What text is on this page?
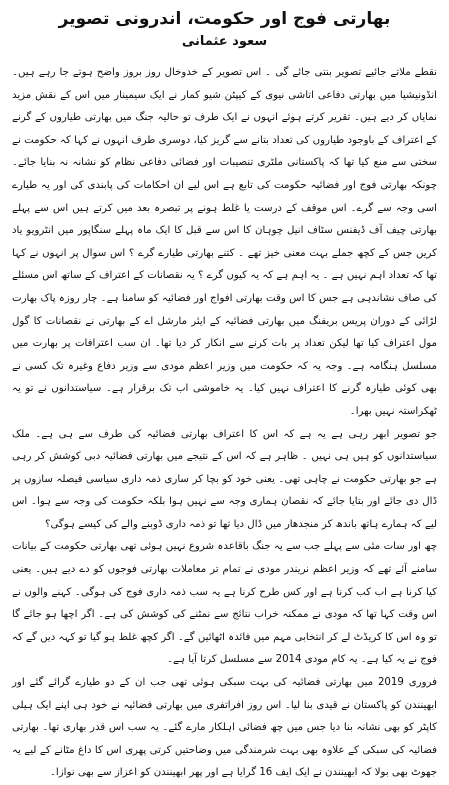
بھارتی فوج اور حکومت، اندرونی تصویر
سعود عثمانی

نقطے ملاتے جائیے تصویر بنتی جائے گی ۔ اس تصویر کے خدوخال روز بروز واضح ہوتے جا رہے ہیں۔ انڈونیشیا میں بھارتی دفاعی اتاشی نیوی کے کیپٹن شیو کمار نے ایک سیمینار میں اس کے نقش مزید نمایاں کر دیے ہیں۔ تقریر کرتے ہوئے انہوں نے ایک طرف تو حالیہ جنگ میں بھارتی طیاروں کے گرنے کے اعتراف کے باوجود طیاروں کی تعداد بتانے سے گریز کیا، دوسری طرف انہوں نے کہا کہ حکومت نے سختی سے منع کیا تھا کہ پاکستانی ملٹری تنصیبات اور فضائی دفاعی نظام کو نشانہ نہ بنایا جائے۔ چونکہ بھارتی فوج اور فضائیہ حکومت کی تابع ہے اس لیے ان احکامات کی پابندی کی اور یہ طیارے اسی وجہ سے گرے۔ اس موقف کے درست یا غلط ہونے پر تبصرہ بعد میں کرتے ہیں اس سے پہلے بھارتی چیف آف ڈیفنس سٹاف انیل چوہان کا اس سے قبل کا ایک ماہ پہلے سنگاپور میں انٹرویو یاد کریں جس کے کچھ جملے بہت معنی خیز تھے ۔ کتنے بھارتی طیارے گرے ؟ اس سوال پر انہوں نے کہا تھا کہ تعداد اہم نہیں ہے ۔ یہ اہم ہے کہ یہ کیوں گرے ؟ یہ نقصانات کے اعتراف کے ساتھ اس مسئلے کی صاف نشاندہی ہے جس کا اس وقت بھارتی افواج اور فضائیہ کو سامنا ہے۔ چار روزہ پاک بھارت لڑائی کے دوران پریس بریفنگ میں بھارتی فضائیہ کے ایئر مارشل اے کے بھارتی نے نقصانات کا گول مول اعتراف کیا تھا لیکن تعداد پر بات کرنے سے انکار کر دیا تھا۔ ان سب اعترافات پر بھارت میں مسلسل ہنگامہ ہے۔ وجہ یہ کہ حکومت میں وزیر اعظم مودی سے وزیر دفاع وغیرہ تک کسی نے بھی کوئی طیارہ گرنے کا اعتراف نہیں کیا۔ یہ خاموشی اب تک برقرار ہے۔ سیاستدانوں نے تو یہ ٹھکراستہ نہیں بھرا۔

جو تصویر ابھر رہی ہے یہ ہے کہ اس کا اعتراف بھارتی فضائیہ کی طرف سے ہی ہے۔ ملک سیاستدانوں کو ہیں ہی نہیں ۔ ظاہر ہے کہ اس کے نتیجے میں بھارتی فضائیہ دبی کوشش کر رہی ہے جو بھارتی حکومت نے چاہی تھی۔ یعنی خود کو بچا کر ساری ذمہ داری سیاسی فیصلہ سازوں پر ڈال دی جائے اور بتایا جائے کہ نقصان ہماری وجہ سے نہیں ہوا بلکہ حکومت کی وجہ سے ہوا۔ اس لیے کہ ہمارے ہاتھ باندھ کر منجدھار میں ڈال دیا تھا تو ذمہ داری ڈوبنے والے کی کیسے ہوگی؟

چھ اور سات مئی سے پہلے جب سے یہ جنگ باقاعدہ شروع نہیں ہوئی تھی بھارتی حکومت کے بیانات سامنے آئے تھے کہ وزیر اعظم نریندر مودی نے تمام تر معاملات بھارتی فوجوں کو دے دیے ہیں۔ یعنی کیا کرنا ہے اب کب کرنا ہے اور کس طرح کرنا ہے یہ سب ذمہ داری فوج کی ہوگی۔ کہنے والوں نے اس وقت کہا تھا کہ مودی نے ممکنہ خراب نتائج سے نمٹنے کی کوشش کی ہے۔ اگر اچھا ہو جائے گا تو وہ اس کا کریڈٹ لے کر انتخابی مہم میں فائدہ اٹھائیں گے۔ اگر کچھ غلط ہو گیا تو کہہ دیں گے کہ فوج نے یہ کیا ہے۔ یہ کام مودی 2014 سے مسلسل کرتا آیا ہے۔

فروری 2019 میں بھارتی فضائیہ کی بہت سبکی ہوئی تھی جب ان کے دو طیارے گرائے گئے اور ابھینندن کو پاکستان نے قیدی بنا لیا۔ اس روز افراتفری میں بھارتی فضائیہ نے خود ہی اپنے ایک ہیلی کاپٹر کو بھی نشانہ بنا دیا جس میں چھ فضائی اہلکار مارے گئے۔ یہ سب اس قدر بھاری تھا۔ بھارتی فضائیہ کی سبکی کے علاوہ بھی بہت شرمندگی میں وضاحتیں کرتی پھری اس کا داغ مٹانے کے لیے یہ جھوٹ بھی بولا کہ ابھینندن نے ایک ایف 16 گرایا ہے اور پھر ابھینندن کو اعزاز سے بھی نوازا۔
